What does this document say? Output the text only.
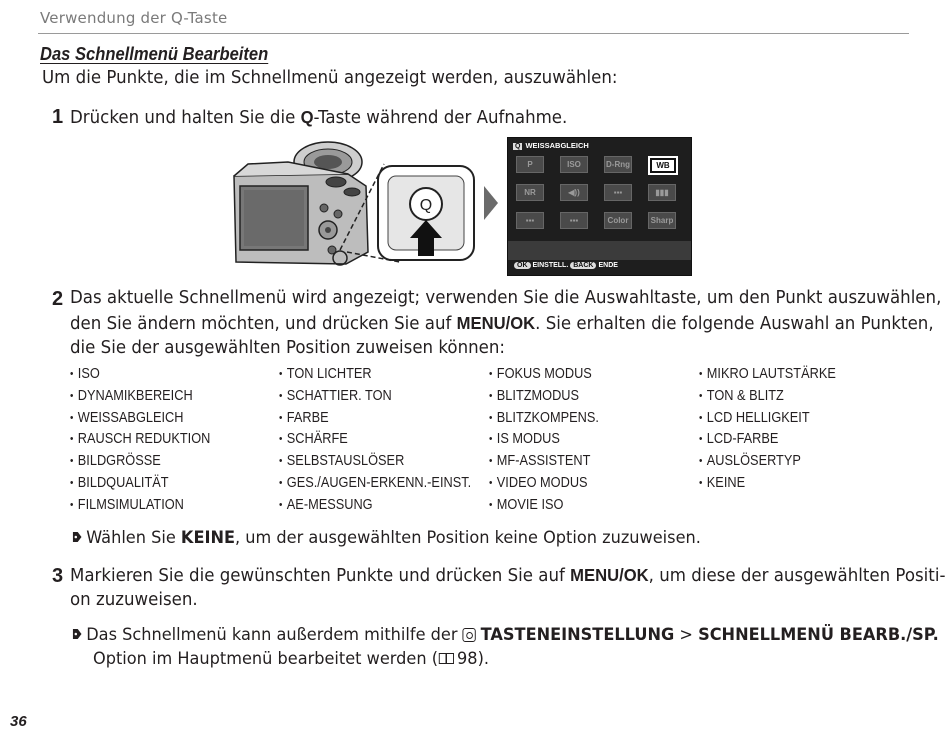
Verwendung der Q-Taste
Das Schnellmenü Bearbeiten
Um die Punkte, die im Schnellmenü angezeigt werden, auszuwählen:
1 Drücken und halten Sie die Q-Taste während der Aufnahme.
Q
Q WEISSABGLEICH
P	ISO	D-Rng	WB
NR	◀))	▪▪▪	▮▮▮
▪▪▪	▪▪▪	Color	Sharp
OK EINSTELL. BACK ENDE
2 Das aktuelle Schnellmenü wird angezeigt; verwenden Sie die Auswahltaste, um den Punkt auszuwählen,
den Sie ändern möchten, und drücken Sie auf MENU/OK. Sie erhalten die folgende Auswahl an Punkten,
die Sie der ausgewählten Position zuweisen können:
• ISO
• DYNAMIKBEREICH
• WEISSABGLEICH
• RAUSCH REDUKTION
• BILDGRÖSSE
• BILDQUALITÄT
• FILMSIMULATION
• TON LICHTER
• SCHATTIER. TON
• FARBE
• SCHÄRFE
• SELBSTAUSLÖSER
• GES./AUGEN-ERKENN.-EINST.
• AE-MESSUNG
• FOKUS MODUS
• BLITZMODUS
• BLITZKOMPENS.
• IS MODUS
• MF-ASSISTENT
• VIDEO MODUS
• MOVIE ISO
• MIKRO LAUTSTÄRKE
• TON & BLITZ
• LCD HELLIGKEIT
• LCD-FARBE
• AUSLÖSERTYP
• KEINE
Wählen Sie KEINE, um der ausgewählten Position keine Option zuzuweisen.
3 Markieren Sie die gewünschten Punkte und drücken Sie auf MENU/OK, um diese der ausgewählten Positi-
on zuzuweisen.
Das Schnellmenü kann außerdem mithilfe der
TASTENEINSTELLUNG > SCHNELLMENÜ BEARB./SP.
Option im Hauptmenü bearbeitet werden ( 98).
36
